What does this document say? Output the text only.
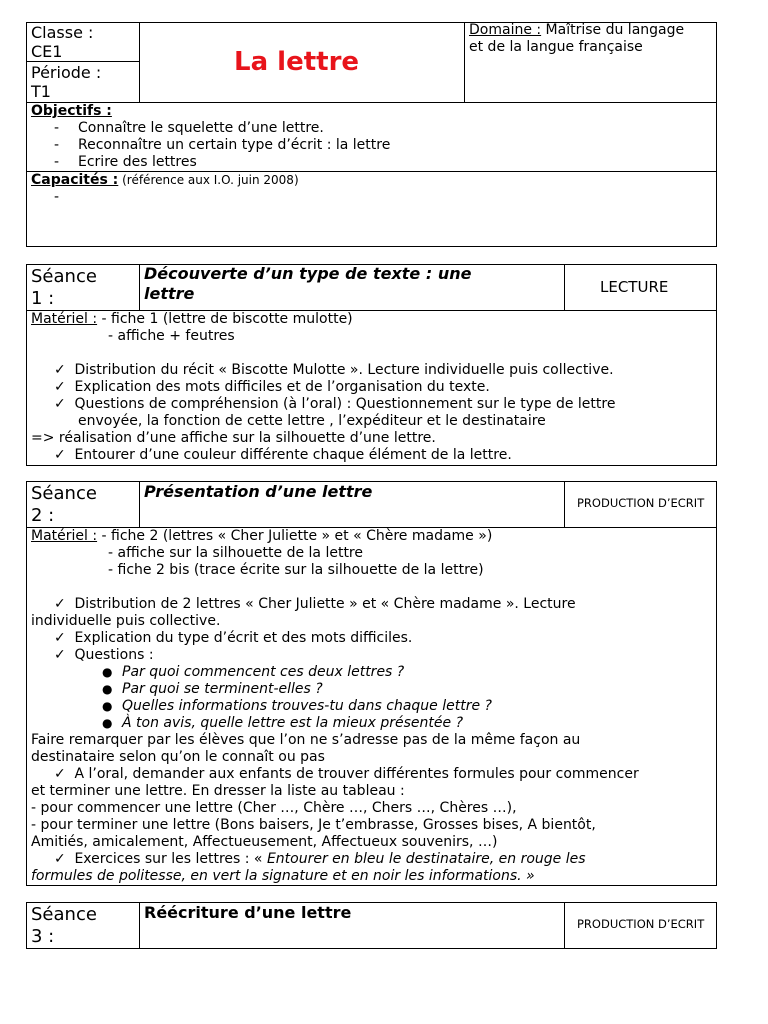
Classe :
CE1
Période :
T1
La lettre
Domaine : Maîtrise du langage
et de la langue française
Objectifs :
- Connaître le squelette d’une lettre.
- Reconnaître un certain type d’écrit : la lettre
- Ecrire des lettres
Capacités : (référence aux I.O. juin 2008)
-
Séance
1 :
Découverte d’un type de texte : une
lettre	LECTURE
Matériel : - fiche 1 (lettre de biscotte mulotte)
- affiche + feutres
✓ Distribution du récit « Biscotte Mulotte ». Lecture individuelle puis collective.
✓ Explication des mots difficiles et de l’organisation du texte.
✓ Questions de compréhension (à l’oral) : Questionnement sur le type de lettre
envoyée, la fonction de cette lettre , l’expéditeur et le destinataire
=> réalisation d’une affiche sur la silhouette d’une lettre.
✓ Entourer d’une couleur différente chaque élément de la lettre.
Séance
2 :
Présentation d’une lettre
PRODUCTION D’ECRIT
Matériel : - fiche 2 (lettres « Cher Juliette » et « Chère madame »)
- affiche sur la silhouette de la lettre
- fiche 2 bis (trace écrite sur la silhouette de la lettre)
✓ Distribution de 2 lettres « Cher Juliette » et « Chère madame ». Lecture
individuelle puis collective.
✓ Explication du type d’écrit et des mots difficiles.
✓ Questions :
● Par quoi commencent ces deux lettres ?
● Par quoi se terminent-elles ?
● Quelles informations trouves-tu dans chaque lettre ?
● À ton avis, quelle lettre est la mieux présentée ?
Faire remarquer par les élèves que l’on ne s’adresse pas de la même façon au
destinataire selon qu’on le connaît ou pas
✓ A l’oral, demander aux enfants de trouver différentes formules pour commencer
et terminer une lettre. En dresser la liste au tableau :
- pour commencer une lettre (Cher …, Chère …, Chers …, Chères …),
- pour terminer une lettre (Bons baisers, Je t’embrasse, Grosses bises, A bientôt,
Amitiés, amicalement, Affectueusement, Affectueux souvenirs, …)
✓ Exercices sur les lettres : « Entourer en bleu le destinataire, en rouge les
formules de politesse, en vert la signature et en noir les informations. »
Séance
3 :
Réécriture d’une lettre
PRODUCTION D’ECRIT
